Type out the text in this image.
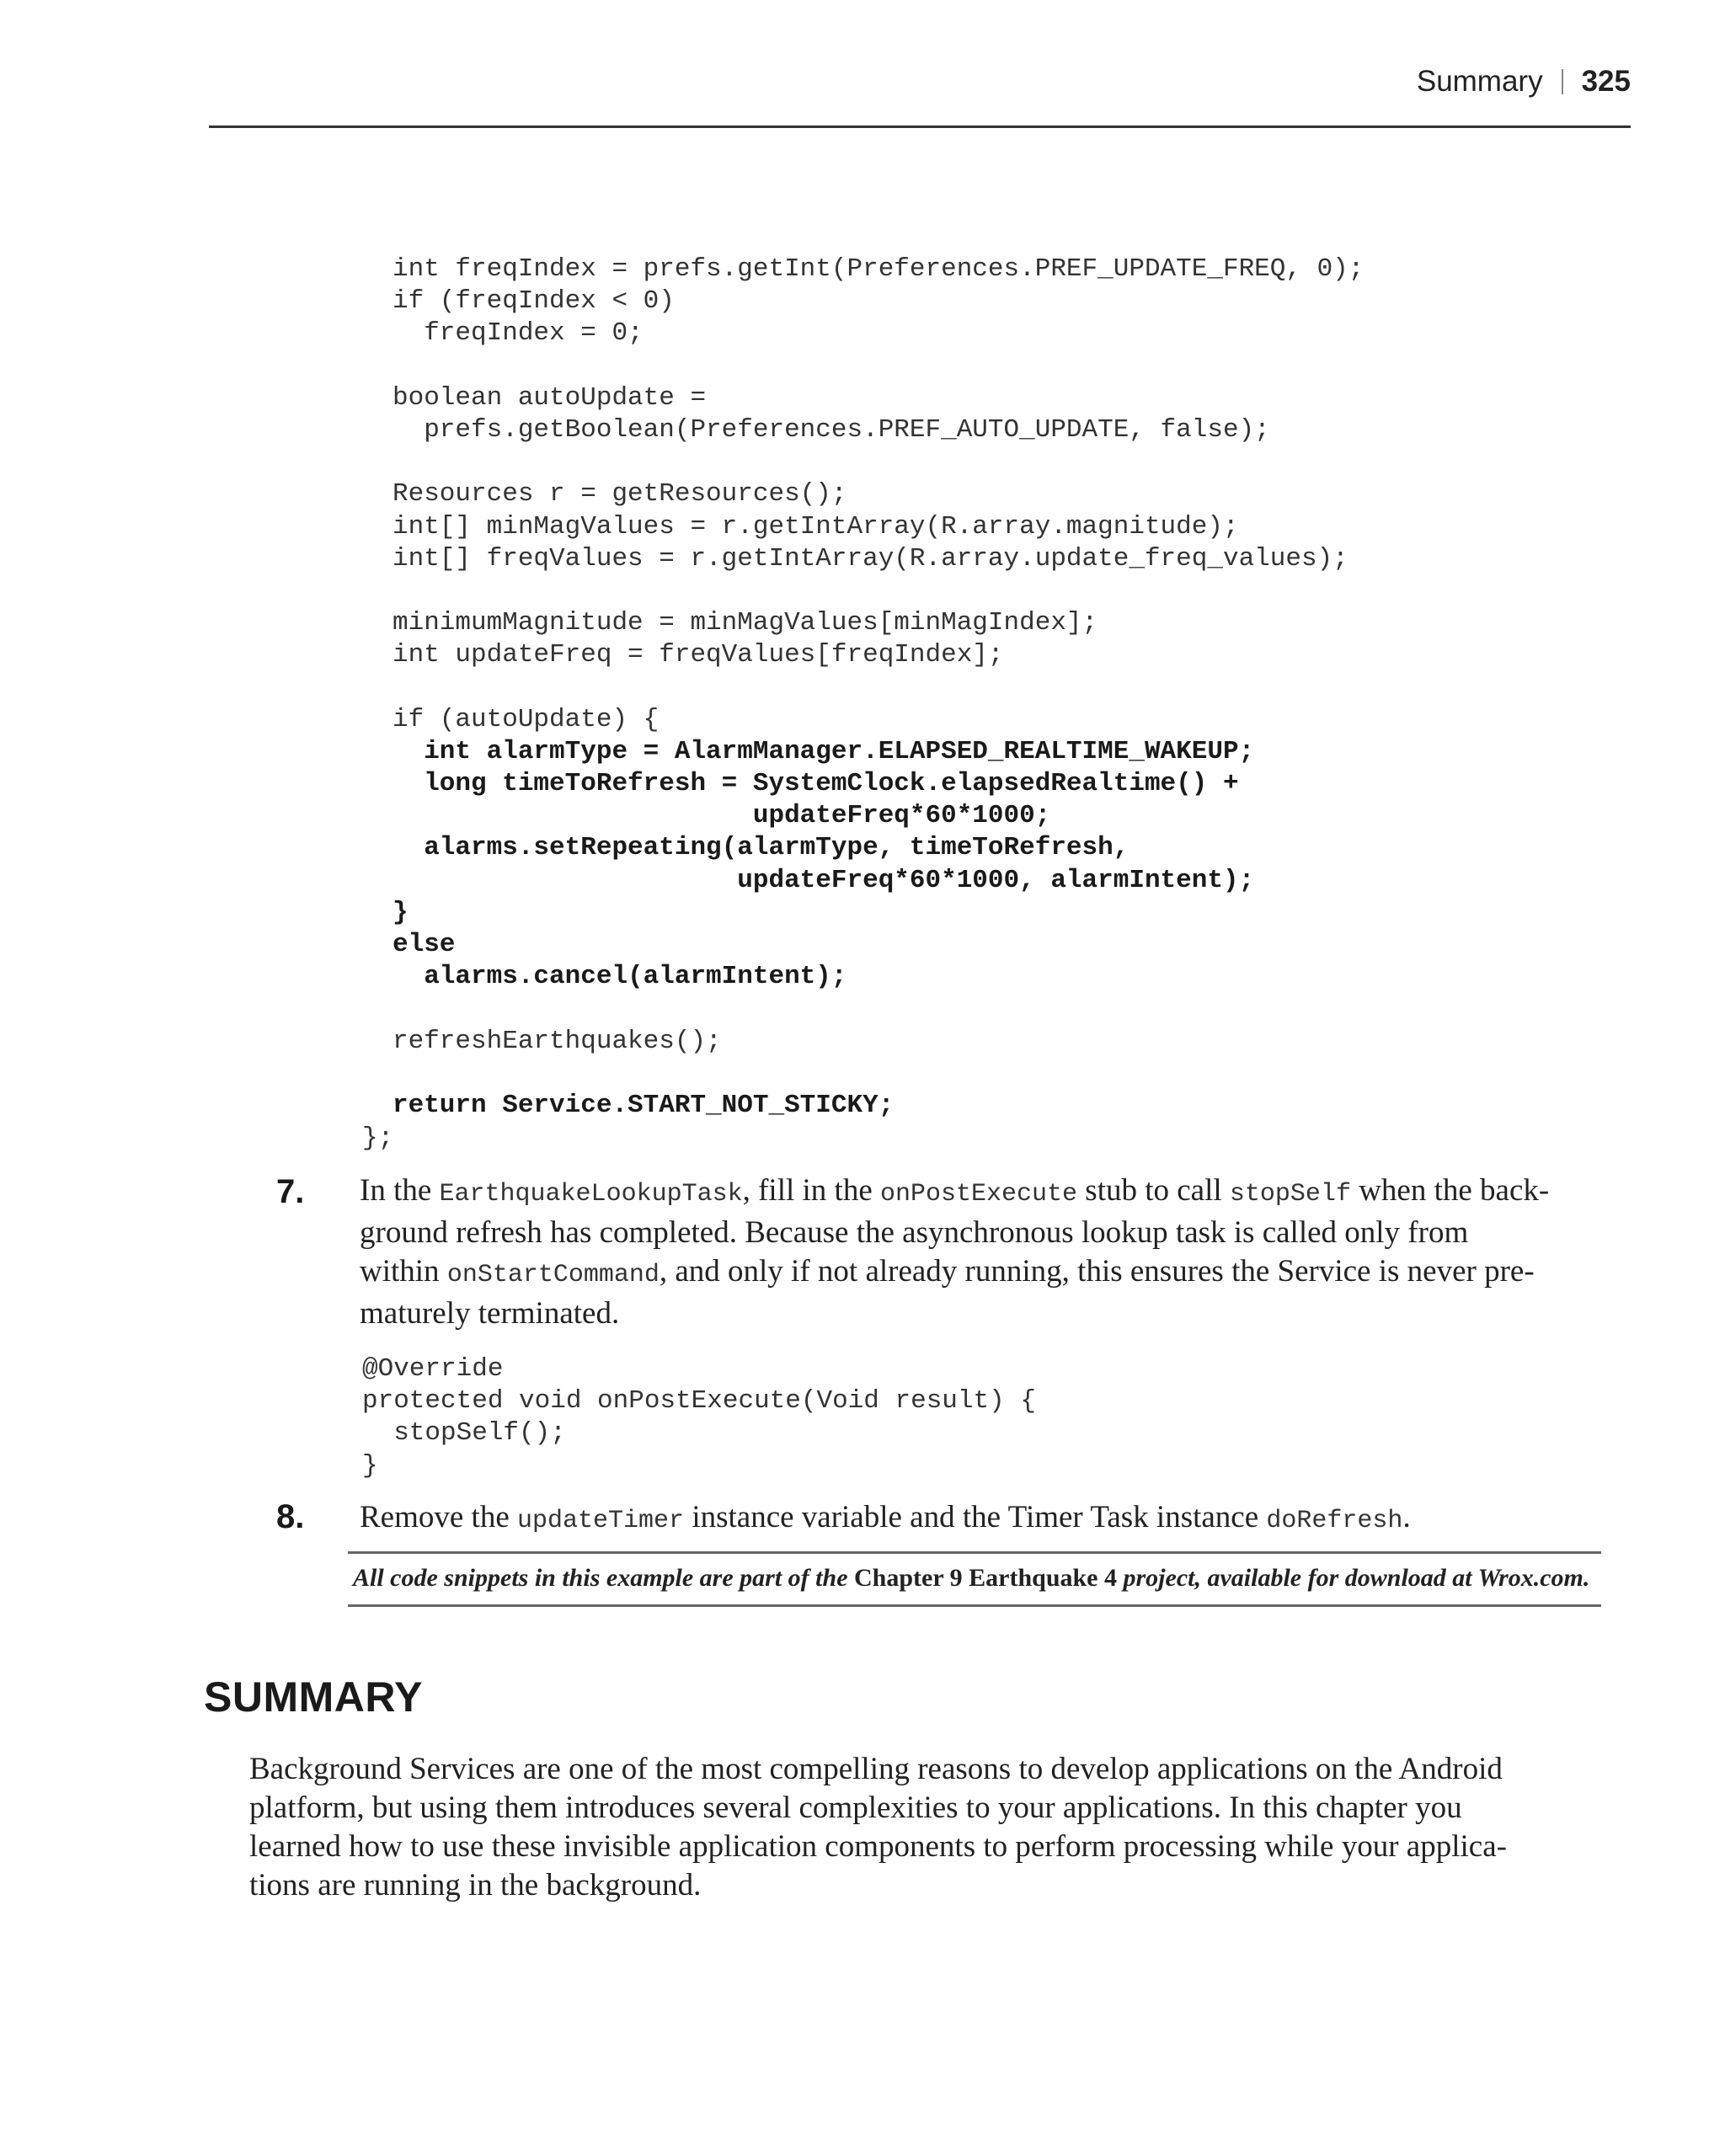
Summary 325
int freqIndex = prefs.getInt(Preferences.PREF_UPDATE_FREQ, 0);
if (freqIndex < 0)
freqIndex = 0;
boolean autoUpdate =
prefs.getBoolean(Preferences.PREF_AUTO_UPDATE, false);
Resources r = getResources();
int[] minMagValues = r.getIntArray(R.array.magnitude);
int[] freqValues = r.getIntArray(R.array.update_freq_values);
minimumMagnitude = minMagValues[minMagIndex];
int updateFreq = freqValues[freqIndex];
if (autoUpdate) {
int alarmType = AlarmManager.ELAPSED_REALTIME_WAKEUP;
long timeToRefresh = SystemClock.elapsedRealtime() +
updateFreq*60*1000;
alarms.setRepeating(alarmType, timeToRefresh,
updateFreq*60*1000, alarmIntent);
}
else
alarms.cancel(alarmIntent);
refreshEarthquakes();
return Service.START_NOT_STICKY;
};
7. In the EarthquakeLookupTask, fill in the onPostExecute stub to call stopSelf when the back-
ground refresh has completed. Because the asynchronous lookup task is called only from
within onStartCommand, and only if not already running, this ensures the Service is never pre-
maturely terminated.
@Override
protected void onPostExecute(Void result) {
stopSelf();
}
8. Remove the updateTimer instance variable and the Timer Task instance doRefresh.
All code snippets in this example are part of the Chapter 9 Earthquake 4 project, available for download at Wrox.com.
SUMMARY

Background Services are one of the most compelling reasons to develop applications on the Android
platform, but using them introduces several complexities to your applications. In this chapter you
learned how to use these invisible application components to perform processing while your applica-
tions are running in the background.
